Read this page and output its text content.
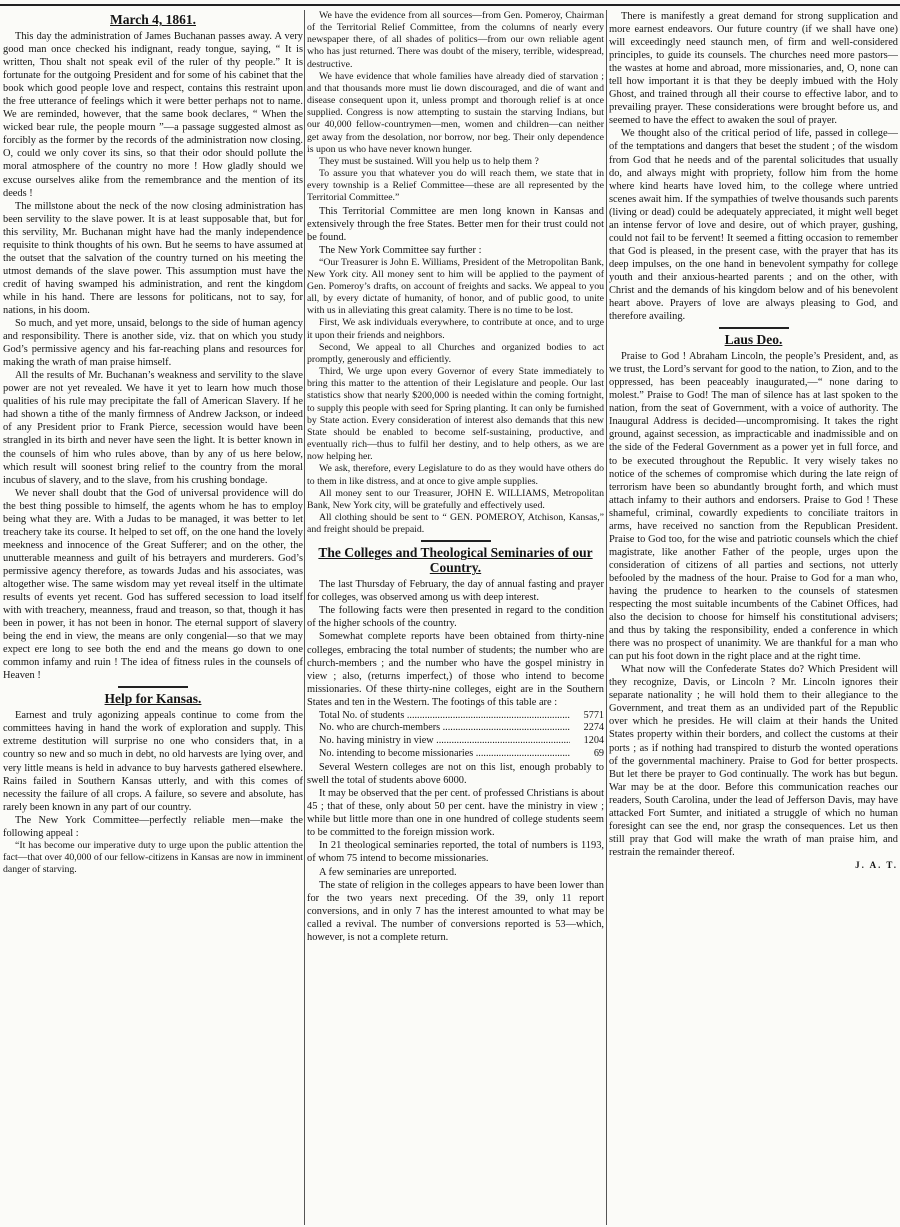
March 4, 1861.

This day the administration of James Buchanan passes away. A very good man once checked his indignant, ready tongue, saying, “ It is written, Thou shalt not speak evil of the ruler of thy people.” It is fortunate for the outgoing President and for some of his cabinet that the book which good people love and respect, contains this restraint upon the free utterance of feelings which it were better perhaps not to name. We are reminded, however, that the same book declares, “ When the wicked bear rule, the people mourn ”—a passage suggested almost as forcibly as the former by the records of the administration now closing. O, could we only cover its sins, so that their odor should pollute the moral atmosphere of the country no more ! How gladly should we excuse ourselves alike from the remembrance and the mention of its deeds !

The millstone about the neck of the now closing administration has been servility to the slave power. It is at least supposable that, but for this servility, Mr. Buchanan might have had the manly independence requisite to think thoughts of his own. But he seems to have assumed at the outset that the salvation of the country turned on his meeting the utmost demands of the slave power. This assumption must have the credit of having swamped his administration, and rent the kingdom while in his hand. There are lessons for politicans, not to say, for nations, in his doom.

So much, and yet more, unsaid, belongs to the side of human agency and responsibility. There is another side, viz. that on which you study God’s permissive agency and his far-reaching plans and resources for making the wrath of man praise himself.

All the results of Mr. Buchanan’s weakness and servility to the slave power are not yet revealed. We have it yet to learn how much those qualities of his rule may precipitate the fall of American Slavery. If he had shown a tithe of the manly firmness of Andrew Jackson, or indeed of any President prior to Frank Pierce, secession would have been strangled in its birth and never have seen the light. It is better known in the counsels of him who rules above, than by any of us here below, which result will soonest bring relief to the country from the moral incubus of slavery, and to the slave, from his crushing bondage.

We never shall doubt that the God of universal providence will do the best thing possible to himself, the agents whom he has to employ being what they are. With a Judas to be managed, it was better to let treachery take its course. It helped to set off, on the one hand the lovely meekness and innocence of the Great Sufferer; and on the other, the unutterable meanness and guilt of his betrayers and murderers. God’s permissive agency therefore, as towards Judas and his associates, was altogether wise. The same wisdom may yet reveal itself in the ultimate results of events yet recent. God has suffered secession to load itself with with treachery, meanness, fraud and treason, so that, though it has been in power, it has not been in honor. The eternal support of slavery being the end in view, the means are only congenial—so that we may expect ere long to see both the end and the means go down to one common infamy and ruin ! The idea of fitness rules in the counsels of Heaven !

Help for Kansas.

Earnest and truly agonizing appeals continue to come from the committees having in hand the work of exploration and supply. This extreme destitution will surprise no one who considers that, in a country so new and so much in debt, no old harvests are lying over, and very little means is held in advance to buy harvests gathered elsewhere. Rains failed in Southern Kansas utterly, and with this comes of necessity the failure of all crops. A failure, so severe and absolute, has rarely been known in any part of our country.

The New York Committee—perfectly reliable men—make the following appeal :

“It has become our imperative duty to urge upon the public attention the fact—that over 40,000 of our fellow-citizens in Kansas are now in imminent danger of starving.

We have the evidence from all sources—from Gen. Pomeroy, Chairman of the Territorial Relief Committee, from the columns of nearly every newspaper there, of all shades of politics—from our own reliable agent who has just returned. There was doubt of the misery, terrible, widespread, destructive.

We have evidence that whole families have already died of starvation ; and that thousands more must lie down discouraged, and die of want and disease consequent upon it, unless prompt and thorough relief is at once supplied. Congress is now attempting to sustain the starving Indians, but our 40,000 fellow-countrymen—men, women and children—can neither get away from the desolation, nor borrow, nor beg. Their only dependence is upon us who have never known hunger.

They must be sustained. Will you help us to help them ?

To assure you that whatever you do will reach them, we state that in every township is a Relief Committee—these are all represented by the Territorial Committee.”

This Territorial Committee are men long known in Kansas and extensively through the free States. Better men for their trust could not be found.

The New York Committee say further :

“Our Treasurer is John E. Williams, President of the Metropolitan Bank, New York city. All money sent to him will be applied to the payment of Gen. Pomeroy’s drafts, on account of freights and sacks. We appeal to you all, by every dictate of humanity, of honor, and of public good, to unite with us in alleviating this great calamity. There is no time to be lost.

First, We ask individuals everywhere, to contribute at once, and to urge it upon their friends and neighbors.

Second, We appeal to all Churches and organized bodies to act promptly, generously and efficiently.

Third, We urge upon every Governor of every State immediately to bring this matter to the attention of their Legislature and people. Our last statistics show that nearly $200,000 is needed within the coming fortnight, to supply this people with seed for Spring planting. It can only be furnished by State action. Every consideration of interest also demands that this new State should be enabled to become self-sustaining, productive, and eventually rich—thus to fulfil her destiny, and to help others, as we are now helping her.

We ask, therefore, every Legislature to do as they would have others do to them in like distress, and at once to give ample supplies.

All money sent to our Treasurer, JOHN E. WILLIAMS, Metropolitan Bank, New York city, will be gratefully and effectively used.

All clothing should be sent to “ GEN. POMEROY, Atchison, Kansas,” and freight should be prepaid.

The Colleges and Theological Seminaries of our Country.

The last Thursday of February, the day of annual fasting and prayer for colleges, was observed among us with deep interest.

The following facts were then presented in regard to the condition of the higher schools of the country.

Somewhat complete reports have been obtained from thirty-nine colleges, embracing the total number of students; the number who are church-members ; and the number who have the gospel ministry in view ; also, (returns imperfect,) of those who intend to become missionaries. Of these thirty-nine colleges, eight are in the Southern States and ten in the Western. The footings of this table are :

Total No. of students .....	5771
No. who are church-members .....	2274
No. having ministry in view .....	1204
No. intending to become missionaries .....	69

Several Western colleges are not on this list, enough probably to swell the total of students above 6000.

It may be observed that the per cent. of professed Christians is about 45 ; that of these, only about 50 per cent. have the ministry in view ; while but little more than one in one hundred of college students seem to be committed to the foreign mission work.

In 21 theological seminaries reported, the total of numbers is 1193, of whom 75 intend to become missionaries.

A few seminaries are unreported.

The state of religion in the colleges appears to have been lower than for the two years next preceding. Of the 39, only 11 report conversions, and in only 7 has the interest amounted to what may be called a revival. The number of conversions reported is 53—which, however, is not a complete return.

There is manifestly a great demand for strong supplication and more earnest endeavors. Our future country (if we shall have one) will exceedingly need staunch men, of firm and well-considered principles, to guide its counsels. The churches need more pastors—the wastes at home and abroad, more missionaries, and, O, none can tell how important it is that they be deeply imbued with the Holy Ghost, and trained through all their course to effective labor, and to prevailing prayer. These considerations were brought before us, and seemed to have the effect to awaken the soul of prayer.

We thought also of the critical period of life, passed in college—of the temptations and dangers that beset the student ; of the wisdom from God that he needs and of the parental solicitudes that usually do, and always might with propriety, follow him from the home where kind hearts have loved him, to the college where untried scenes await him. If the sympathies of twelve thousands such parents (living or dead) could be adequately appreciated, it might well beget an intense fervor of love and desire, out of which prayer, gushing, could not fail to be fervent! It seemed a fitting occasion to remember that God is pleased, in the present case, with the prayer that has its deep impulses, on the one hand in benevolent sympathy for college youth and their anxious-hearted parents ; and on the other, with Christ and the demands of his kingdom below and of his benevolent heart above. Prayers of love are always pleasing to God, and therefore availing.

Laus Deo.

Praise to God ! Abraham Lincoln, the people’s President, and, as we trust, the Lord’s servant for good to the nation, to Zion, and to the oppressed, has been peaceably inaugurated,—“ none daring to molest.” Praise to God! The man of silence has at last spoken to the nation, from the seat of Government, with a voice of authority. The Inaugural Address is decided—uncompromising. It takes the right ground, against secession, as impracticable and inadmissible and on the side of the Federal Government as a power yet in full force, and to be executed throughout the Republic. It very wisely takes no notice of the schemes of compromise which during the late reign of terrorism have been so abundantly brought forth, and which must attach infamy to their authors and endorsers. Praise to God ! These shameful, criminal, cowardly expedients to conciliate traitors in arms, have received no sanction from the Republican President. Praise to God too, for the wise and patriotic counsels which the chief magistrate, like another Father of the people, urges upon the consideration of citizens of all parties and sections, not utterly befooled by the madness of the hour. Praise to God for a man who, having the prudence to hearken to the counsels of statesmen respecting the most suitable incumbents of the Cabinet Offices, had also the decision to choose for himself his constitutional advisers; and thus by taking the responsibility, ended a conference in which there was no prospect of unanimity. We are thankful for a man who can put his foot down in the right place and at the right time.

What now will the Confederate States do? Which President will they recognize, Davis, or Lincoln ? Mr. Lincoln ignores their separate nationality ; he will hold them to their allegiance to the Government, and treat them as an undivided part of the Republic over which he presides. He will claim at their hands the United States property within their borders, and collect the customs at their ports ; as if nothing had transpired to disturb the wonted operations of the governmental machinery. Praise to God for better prospects. But let there be prayer to God continually. The work has but begun. War may be at the door. Before this communication reaches our readers, South Carolina, under the lead of Jefferson Davis, may have attacked Fort Sumter, and initiated a struggle of which no human foresight can see the end, nor grasp the consequences. Let us then still pray that God will make the wrath of man praise him, and restrain the remainder thereof.

J. A. T.
